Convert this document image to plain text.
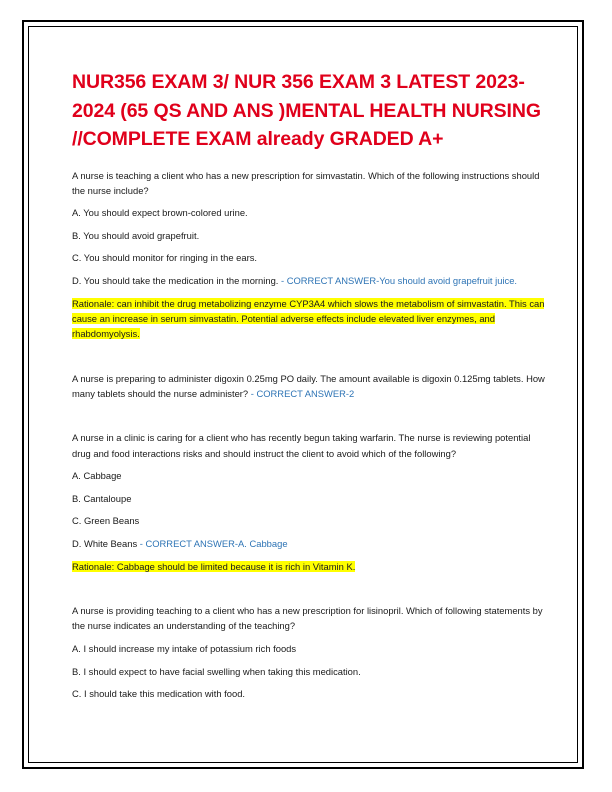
NUR356 EXAM 3/ NUR 356 EXAM 3 LATEST 2023-2024 (65 QS AND ANS )MENTAL HEALTH NURSING //COMPLETE EXAM already GRADED A+

A nurse is teaching a client who has a new prescription for simvastatin. Which of the following instructions should the nurse include?

A. You should expect brown-colored urine.

B. You should avoid grapefruit.

C. You should monitor for ringing in the ears.

D. You should take the medication in the morning. - CORRECT ANSWER-You should avoid grapefruit juice.

Rationale: can inhibit the drug metabolizing enzyme CYP3A4 which slows the metabolism of simvastatin. This can cause an increase in serum simvastatin. Potential adverse effects include elevated liver enzymes, and rhabdomyolysis.

A nurse is preparing to administer digoxin 0.25mg PO daily. The amount available is digoxin 0.125mg tablets. How many tablets should the nurse administer? - CORRECT ANSWER-2

A nurse in a clinic is caring for a client who has recently begun taking warfarin. The nurse is reviewing potential drug and food interactions risks and should instruct the client to avoid which of the following?

A. Cabbage

B. Cantaloupe

C. Green Beans

D. White Beans - CORRECT ANSWER-A. Cabbage

Rationale: Cabbage should be limited because it is rich in Vitamin K.

A nurse is providing teaching to a client who has a new prescription for lisinopril. Which of following statements by the nurse indicates an understanding of the teaching?

A. I should increase my intake of potassium rich foods

B. I should expect to have facial swelling when taking this medication.

C. I should take this medication with food.
